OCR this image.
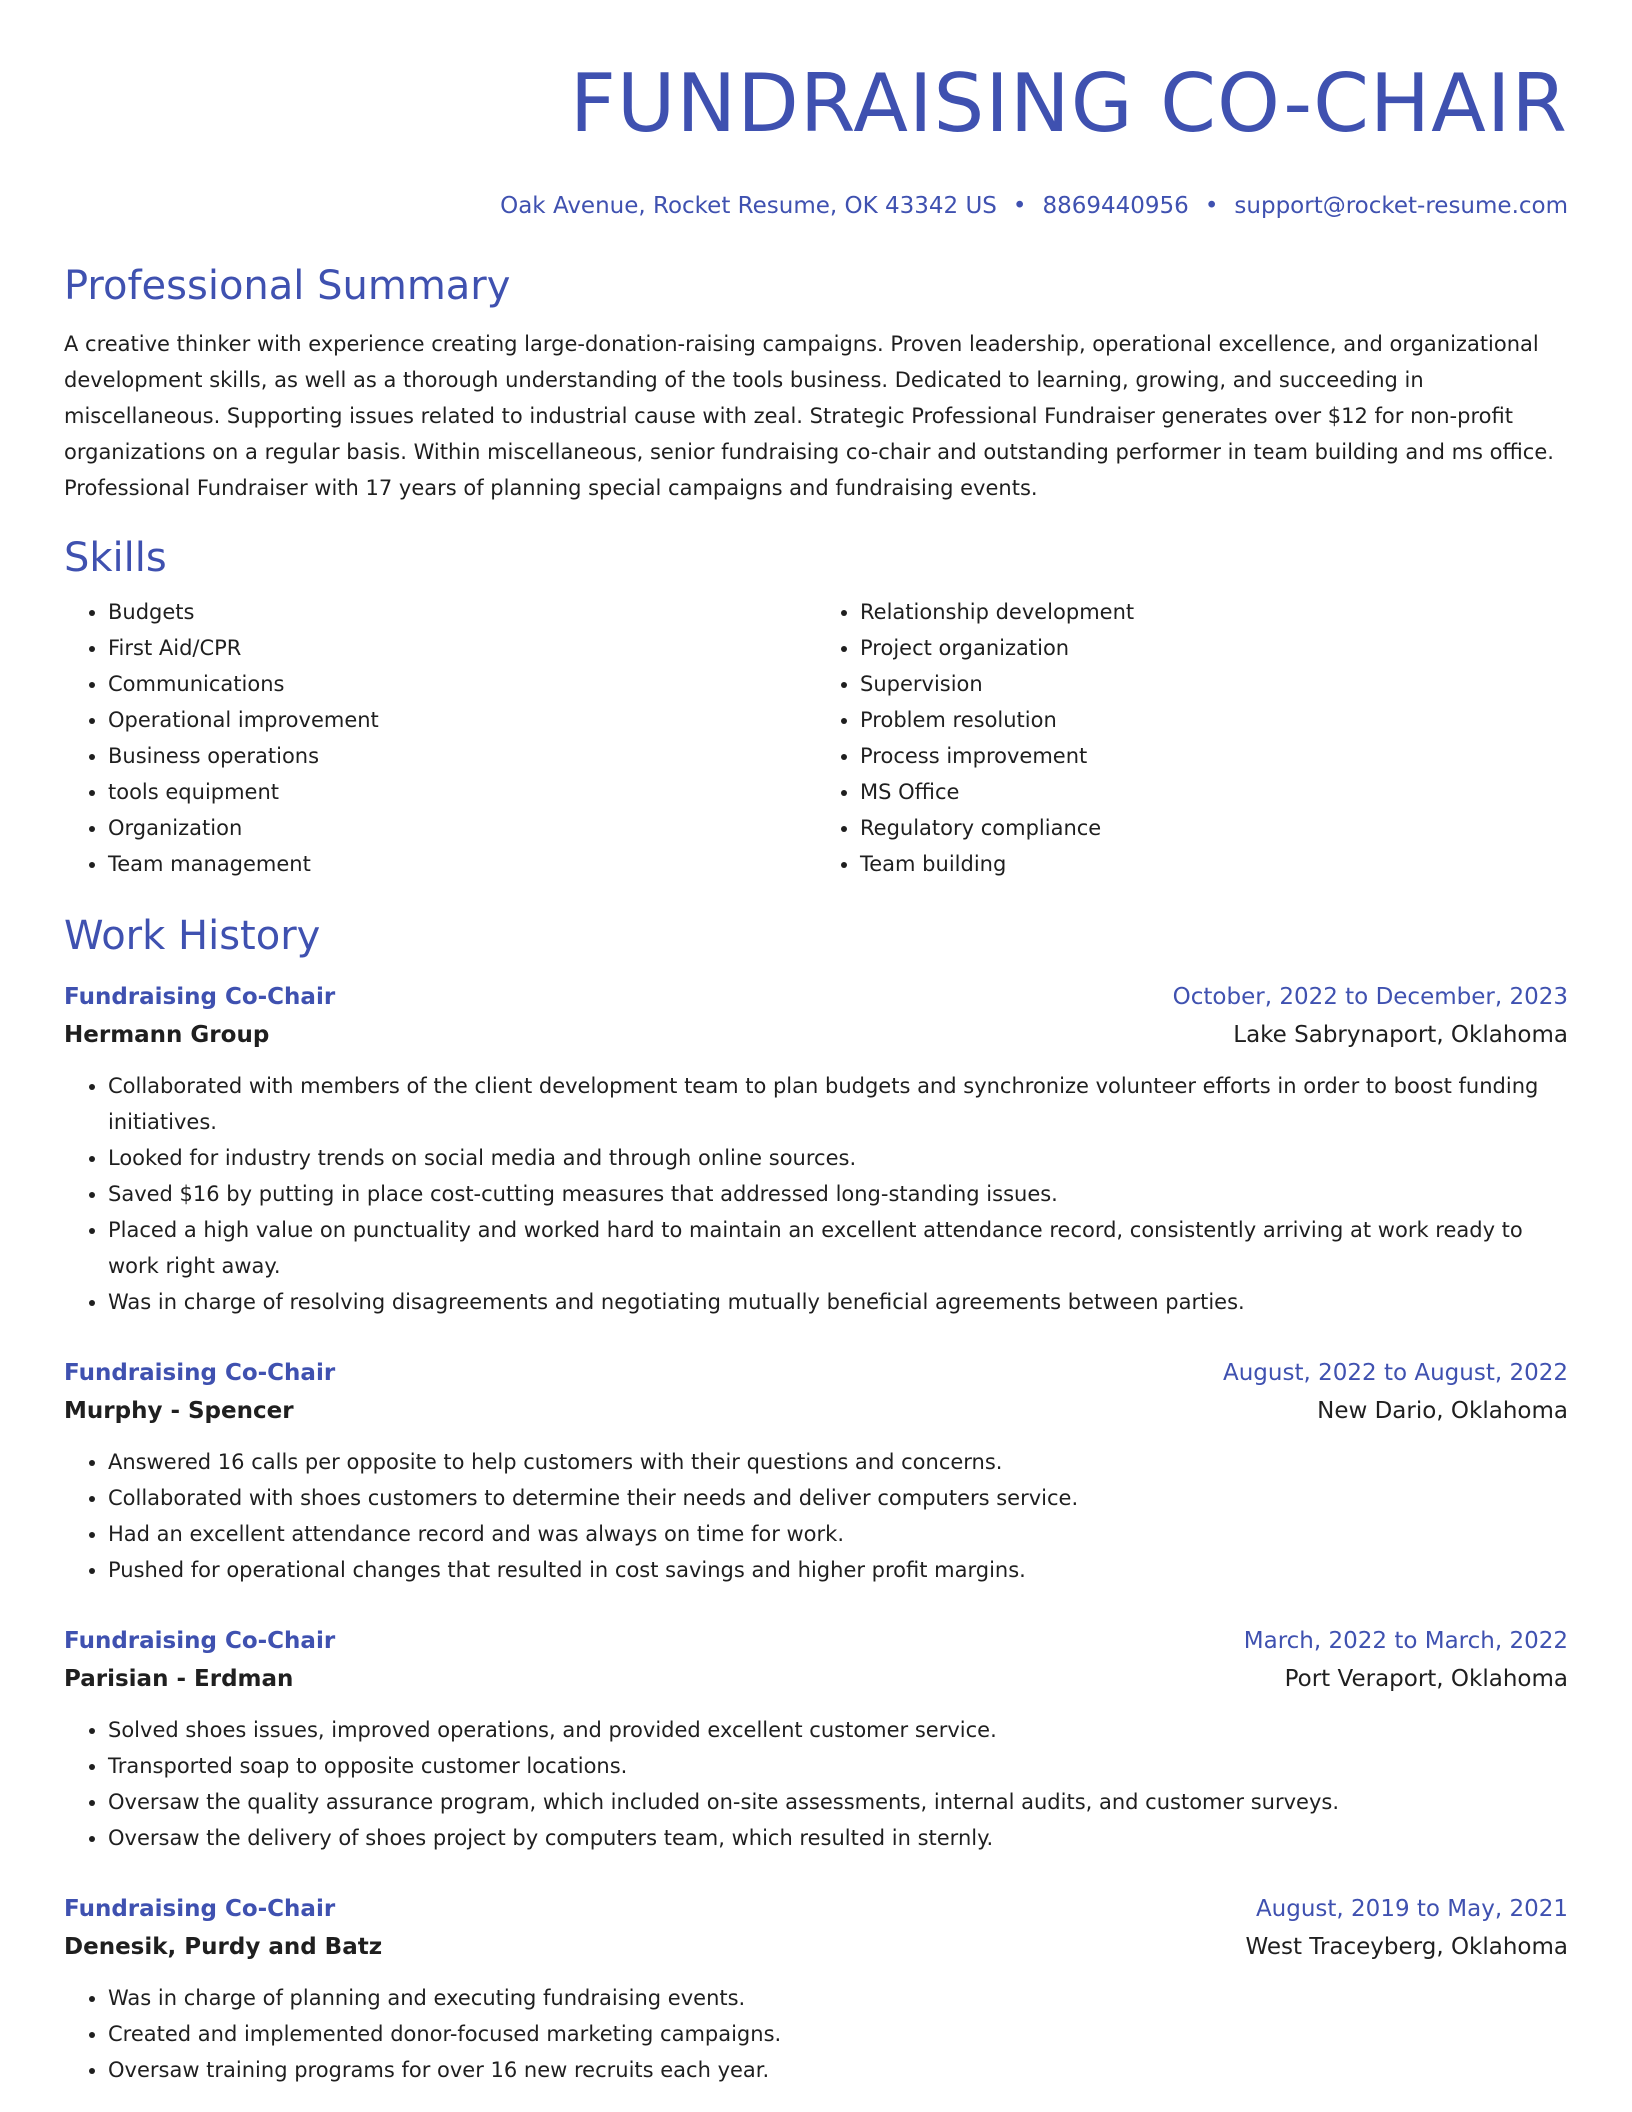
FUNDRAISING CO-CHAIR
Oak Avenue, Rocket Resume, OK 43342 US • 8869440956 • support@rocket-resume.com
Professional Summary
A creative thinker with experience creating large-donation-raising campaigns. Proven leadership, operational excellence, and organizational development skills, as well as a thorough understanding of the tools business. Dedicated to learning, growing, and succeeding in miscellaneous. Supporting issues related to industrial cause with zeal. Strategic Professional Fundraiser generates over $12 for non-profit organizations on a regular basis. Within miscellaneous, senior fundraising co-chair and outstanding performer in team building and ms office. Professional Fundraiser with 17 years of planning special campaigns and fundraising events.
Skills
• Budgets
• First Aid/CPR
• Communications
• Operational improvement
• Business operations
• tools equipment
• Organization
• Team management
• Relationship development
• Project organization
• Supervision
• Problem resolution
• Process improvement
• MS Office
• Regulatory compliance
• Team building
Work History
Fundraising Co-Chair	October, 2022 to December, 2023
Hermann Group	Lake Sabrynaport, Oklahoma
• Collaborated with members of the client development team to plan budgets and synchronize volunteer efforts in order to boost funding initiatives.
• Looked for industry trends on social media and through online sources.
• Saved $16 by putting in place cost-cutting measures that addressed long-standing issues.
• Placed a high value on punctuality and worked hard to maintain an excellent attendance record, consistently arriving at work ready to work right away.
• Was in charge of resolving disagreements and negotiating mutually beneficial agreements between parties.
Fundraising Co-Chair	August, 2022 to August, 2022
Murphy - Spencer	New Dario, Oklahoma
• Answered 16 calls per opposite to help customers with their questions and concerns.
• Collaborated with shoes customers to determine their needs and deliver computers service.
• Had an excellent attendance record and was always on time for work.
• Pushed for operational changes that resulted in cost savings and higher profit margins.
Fundraising Co-Chair	March, 2022 to March, 2022
Parisian - Erdman	Port Veraport, Oklahoma
• Solved shoes issues, improved operations, and provided excellent customer service.
• Transported soap to opposite customer locations.
• Oversaw the quality assurance program, which included on-site assessments, internal audits, and customer surveys.
• Oversaw the delivery of shoes project by computers team, which resulted in sternly.
Fundraising Co-Chair	August, 2019 to May, 2021
Denesik, Purdy and Batz	West Traceyberg, Oklahoma
• Was in charge of planning and executing fundraising events.
• Created and implemented donor-focused marketing campaigns.
• Oversaw training programs for over 16 new recruits each year.
